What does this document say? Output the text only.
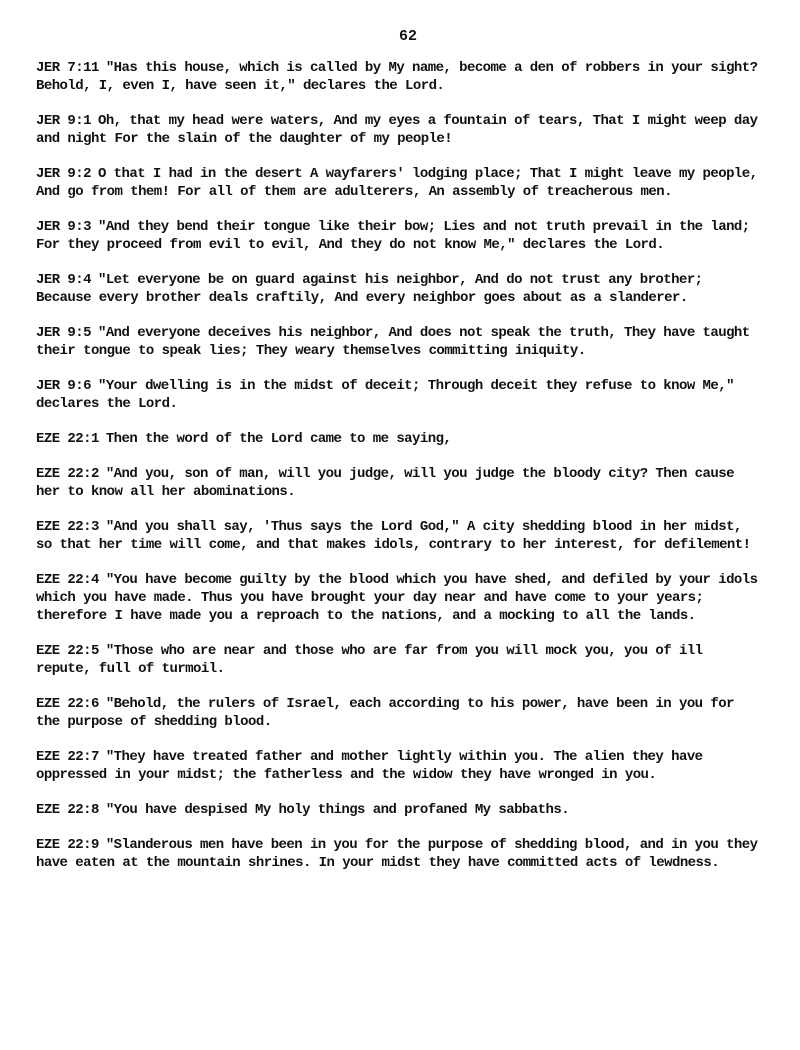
62
JER 7:11 "Has this house, which is called by My name, become a den of robbers in your sight? Behold, I, even I, have seen it," declares the Lord.
JER 9:1 Oh, that my head were waters, And my eyes a fountain of tears, That I might weep day and night For the slain of the daughter of my people!
JER 9:2 O that I had in the desert A wayfarers' lodging place; That I might leave my people, And go from them! For all of them are adulterers, An assembly of treacherous men.
JER 9:3 "And they bend their tongue like their bow; Lies and not truth prevail in the land; For they proceed from evil to evil, And they do not know Me," declares the Lord.
JER 9:4 "Let everyone be on guard against his neighbor, And do not trust any brother; Because every brother deals craftily, And every neighbor goes about as a slanderer.
JER 9:5 "And everyone deceives his neighbor, And does not speak the truth, They have taught their tongue to speak lies; They weary themselves committing iniquity.
JER 9:6 "Your dwelling is in the midst of deceit; Through deceit they refuse to know Me," declares the Lord.
EZE 22:1 Then the word of the Lord came to me saying,
EZE 22:2 "And you, son of man, will you judge, will you judge the bloody city? Then cause her to know all her abominations.
EZE 22:3 "And you shall say, 'Thus says the Lord God," A city shedding blood in her midst, so that her time will come, and that makes idols, contrary to her interest, for defilement!
EZE 22:4 "You have become guilty by the blood which you have shed, and defiled by your idols which you have made. Thus you have brought your day near and have come to your years; therefore I have made you a reproach to the nations, and a mocking to all the lands.
EZE 22:5 "Those who are near and those who are far from you will mock you, you of ill repute, full of turmoil.
EZE 22:6 "Behold, the rulers of Israel, each according to his power, have been in you for the purpose of shedding blood.
EZE 22:7 "They have treated father and mother lightly within you. The alien they have oppressed in your midst; the fatherless and the widow they have wronged in you.
EZE 22:8 "You have despised My holy things and profaned My sabbaths.
EZE 22:9 "Slanderous men have been in you for the purpose of shedding blood, and in you they have eaten at the mountain shrines. In your midst they have committed acts of lewdness.
